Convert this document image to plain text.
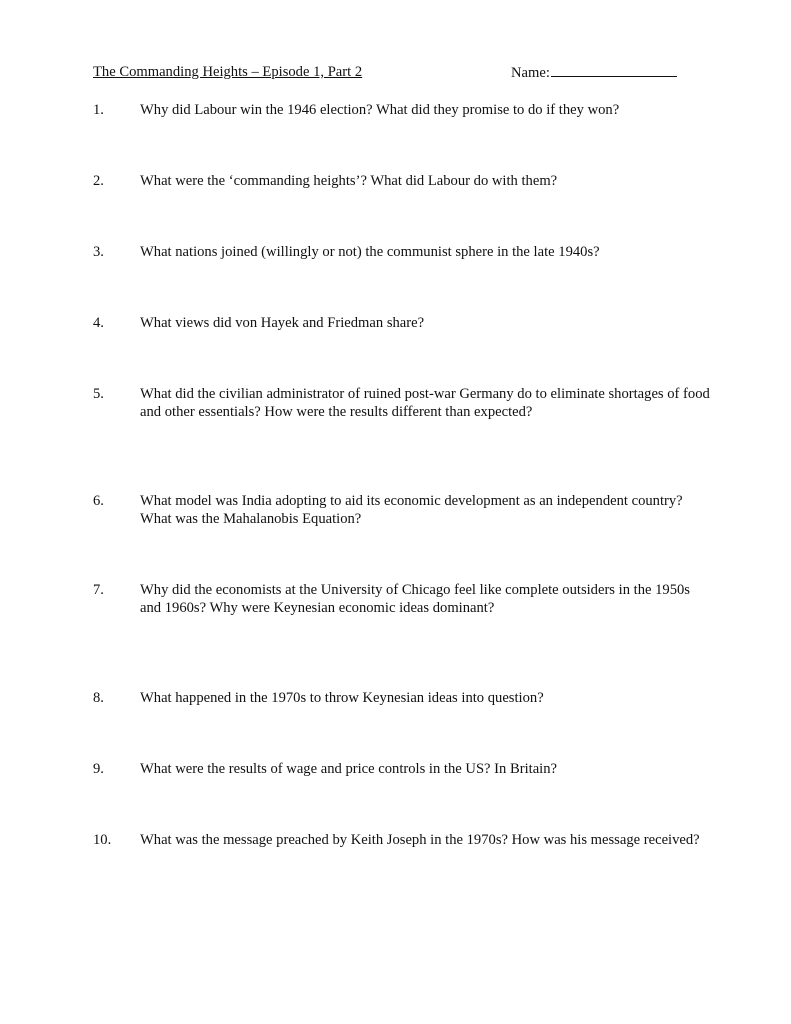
The Commanding Heights – Episode 1, Part 2	Name:
1. Why did Labour win the 1946 election? What did they promise to do if they won?
2. What were the ‘commanding heights’? What did Labour do with them?
3. What nations joined (willingly or not) the communist sphere in the late 1940s?
4. What views did von Hayek and Friedman share?
5. What did the civilian administrator of ruined post-war Germany do to eliminate shortages of food and other essentials? How were the results different than expected?
6. What model was India adopting to aid its economic development as an independent country? What was the Mahalanobis Equation?
7. Why did the economists at the University of Chicago feel like complete outsiders in the 1950s and 1960s? Why were Keynesian economic ideas dominant?
8. What happened in the 1970s to throw Keynesian ideas into question?
9. What were the results of wage and price controls in the US? In Britain?
10. What was the message preached by Keith Joseph in the 1970s? How was his message received?
